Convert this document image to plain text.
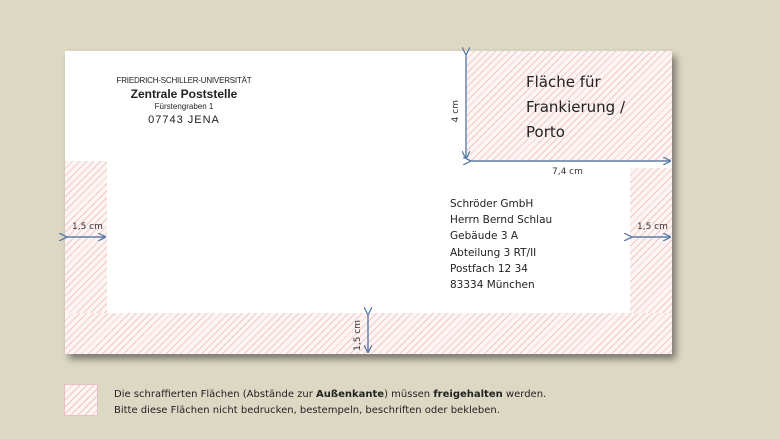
FRIEDRICH-SCHILLER-UNIVERSITÄT
Zentrale Poststelle
Fürstengraben 1
07743 JENA
Fläche für
Frankierung /
Porto
Schröder GmbH
Herrn Bernd Schlau
Gebäude 3 A
Abteilung 3 RT/II
Postfach 12 34
83334 München
4 cm
7,4 cm
1,5 cm	1,5 cm
1,5 cm
Die schraffierten Flächen (Abstände zur Außenkante) müssen freigehalten werden.
Bitte diese Flächen nicht bedrucken, bestempeln, beschriften oder bekleben.
